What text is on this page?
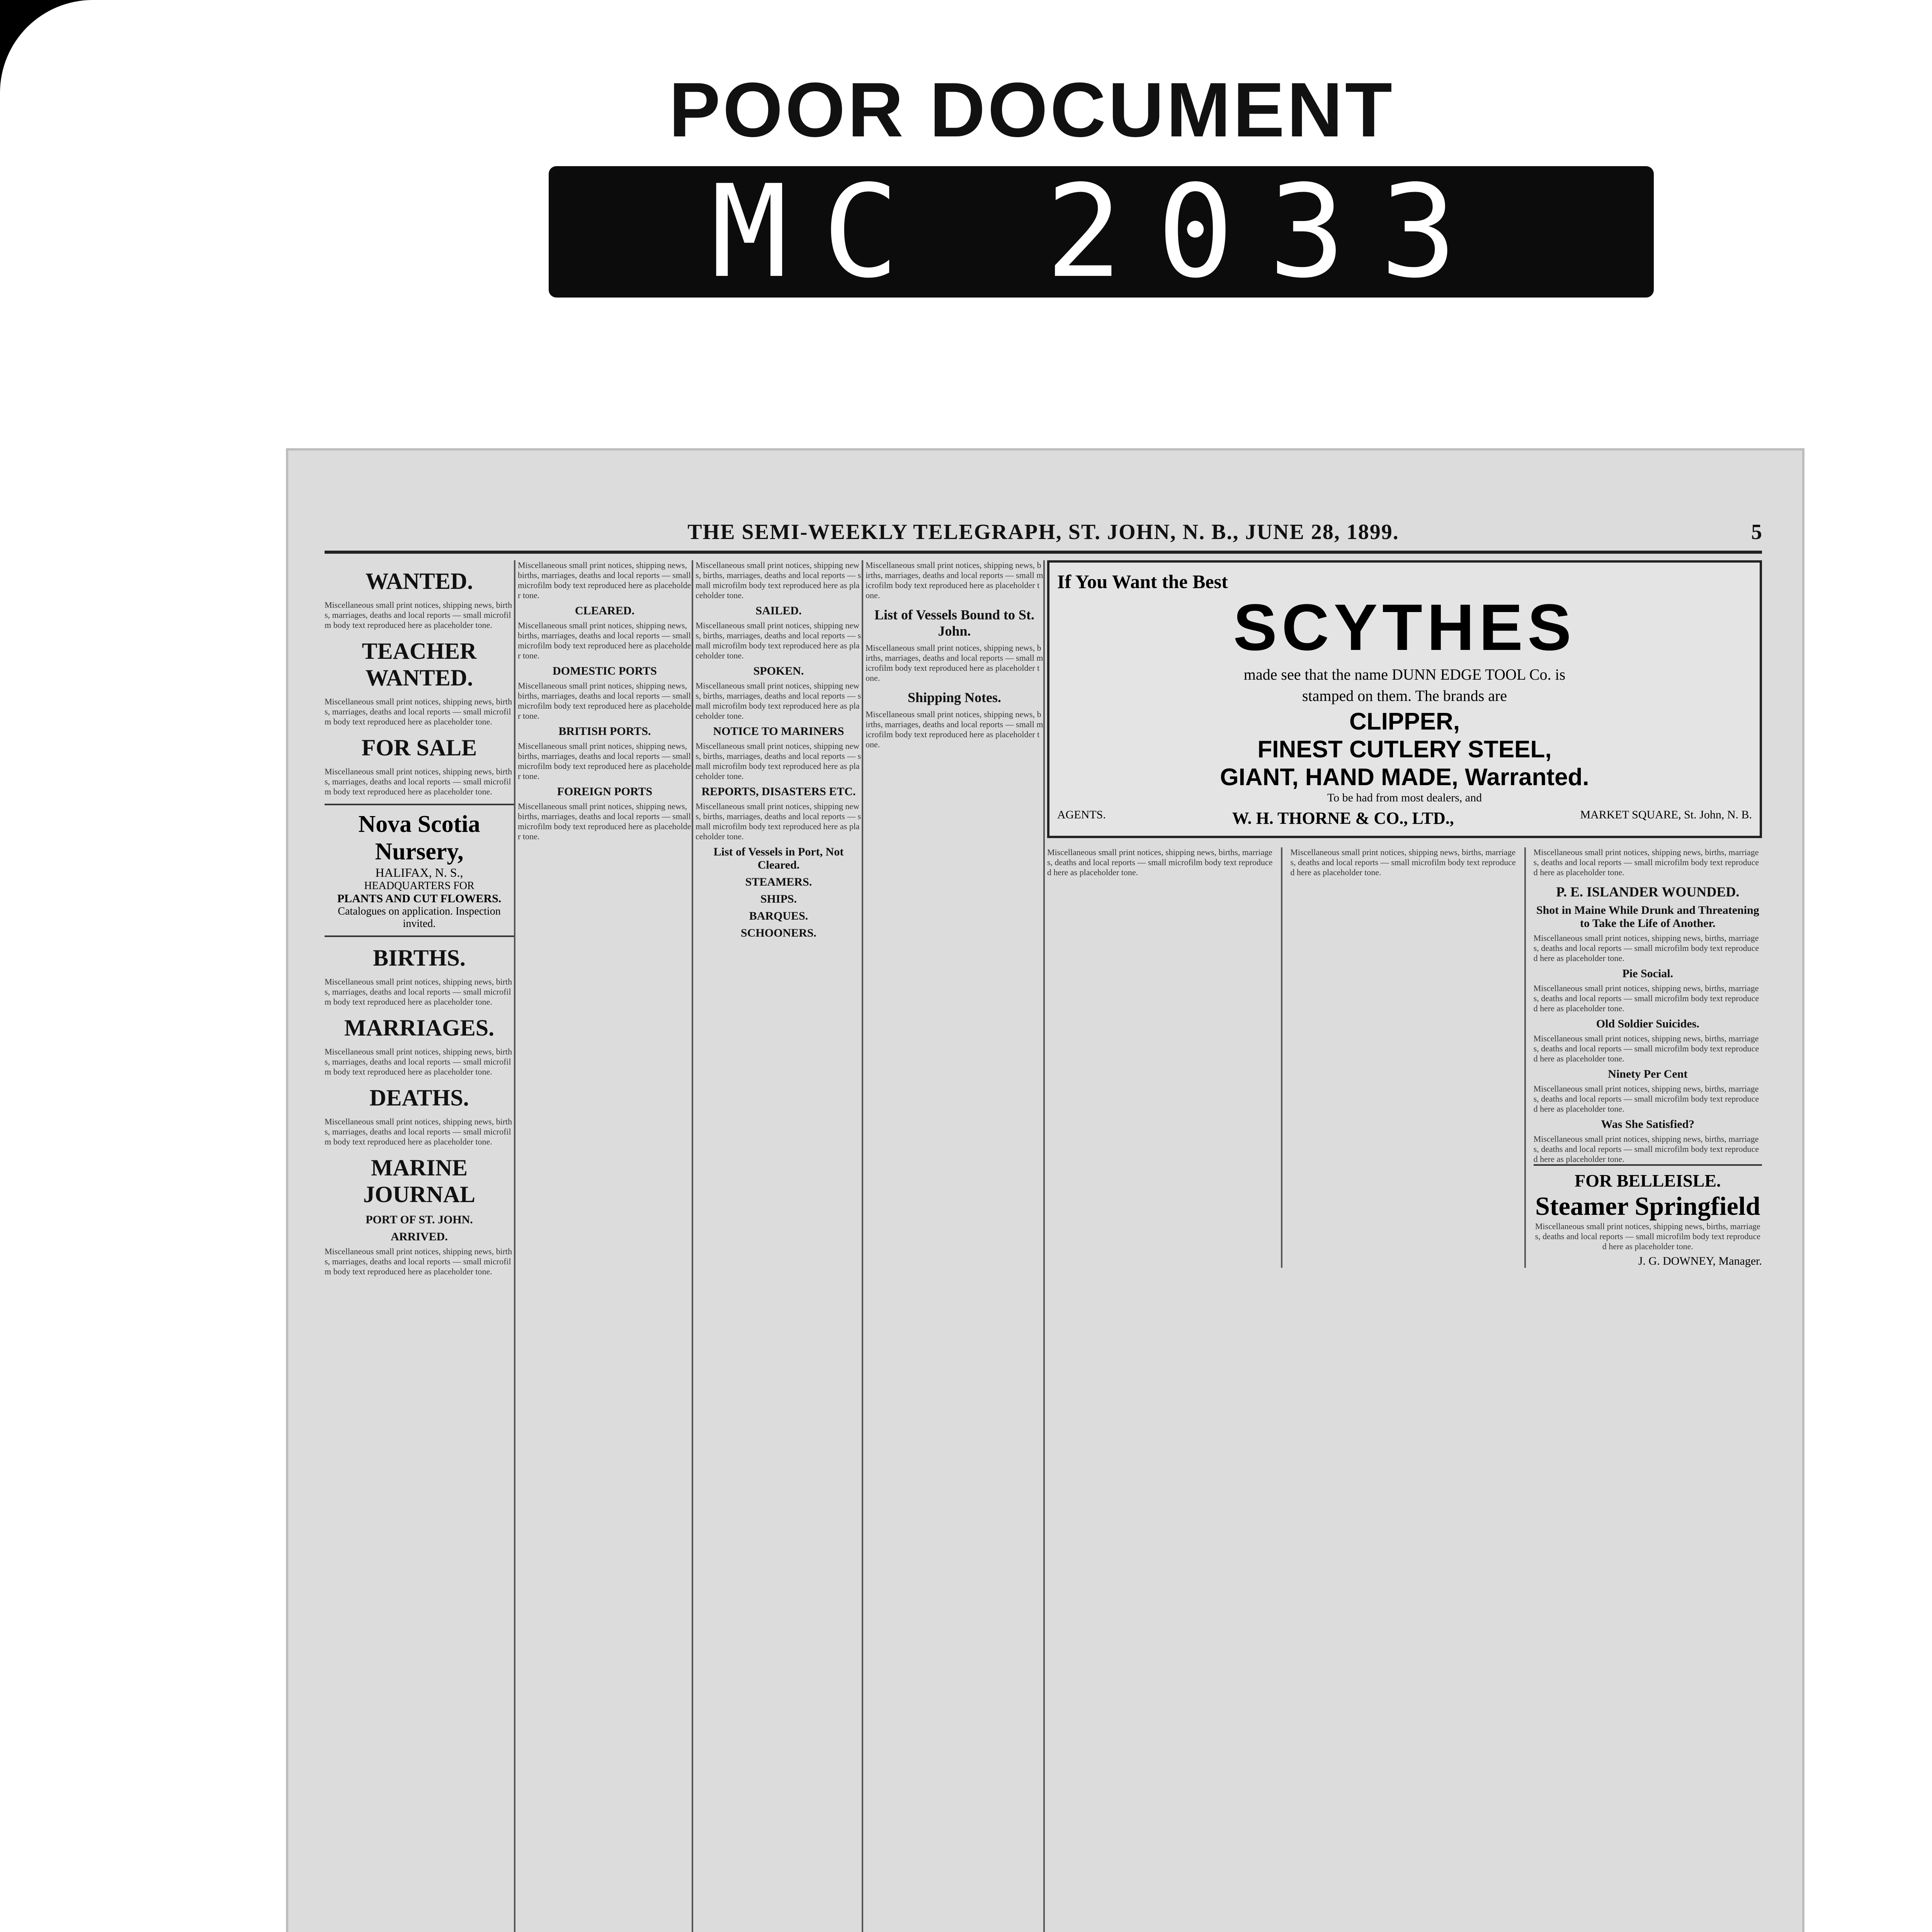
POOR DOCUMENT
MC 2033
THE SEMI-WEEKLY TELEGRAPH, ST. JOHN, N. B., JUNE 28, 1899.	5
WANTED.
Miscellaneous small print notices, shipping news, births, marriages, deaths and local reports — small microfilm body text reproduced here as placeholder tone.
TEACHER WANTED.
Miscellaneous small print notices, shipping news, births, marriages, deaths and local reports — small microfilm body text reproduced here as placeholder tone.
FOR SALE
Miscellaneous small print notices, shipping news, births, marriages, deaths and local reports — small microfilm body text reproduced here as placeholder tone.
Nova Scotia Nursery,
HALIFAX, N. S.,
HEADQUARTERS FOR
PLANTS AND CUT FLOWERS.
Catalogues on application. Inspection invited.
BIRTHS.
Miscellaneous small print notices, shipping news, births, marriages, deaths and local reports — small microfilm body text reproduced here as placeholder tone.
MARRIAGES.
Miscellaneous small print notices, shipping news, births, marriages, deaths and local reports — small microfilm body text reproduced here as placeholder tone.
DEATHS.
Miscellaneous small print notices, shipping news, births, marriages, deaths and local reports — small microfilm body text reproduced here as placeholder tone.
MARINE JOURNAL
PORT OF ST. JOHN.
ARRIVED.
Miscellaneous small print notices, shipping news, births, marriages, deaths and local reports — small microfilm body text reproduced here as placeholder tone.
Miscellaneous small print notices, shipping news, births, marriages, deaths and local reports — small microfilm body text reproduced here as placeholder tone.
CLEARED.
Miscellaneous small print notices, shipping news, births, marriages, deaths and local reports — small microfilm body text reproduced here as placeholder tone.
DOMESTIC PORTS
Miscellaneous small print notices, shipping news, births, marriages, deaths and local reports — small microfilm body text reproduced here as placeholder tone.
BRITISH PORTS.
Miscellaneous small print notices, shipping news, births, marriages, deaths and local reports — small microfilm body text reproduced here as placeholder tone.
FOREIGN PORTS
Miscellaneous small print notices, shipping news, births, marriages, deaths and local reports — small microfilm body text reproduced here as placeholder tone.
Miscellaneous small print notices, shipping news, births, marriages, deaths and local reports — small microfilm body text reproduced here as placeholder tone.
SAILED.
Miscellaneous small print notices, shipping news, births, marriages, deaths and local reports — small microfilm body text reproduced here as placeholder tone.
SPOKEN.
Miscellaneous small print notices, shipping news, births, marriages, deaths and local reports — small microfilm body text reproduced here as placeholder tone.
NOTICE TO MARINERS
Miscellaneous small print notices, shipping news, births, marriages, deaths and local reports — small microfilm body text reproduced here as placeholder tone.
REPORTS, DISASTERS ETC.
Miscellaneous small print notices, shipping news, births, marriages, deaths and local reports — small microfilm body text reproduced here as placeholder tone.
List of Vessels in Port, Not Cleared.
STEAMERS.
SHIPS.
BARQUES.
SCHOONERS.
Miscellaneous small print notices, shipping news, births, marriages, deaths and local reports — small microfilm body text reproduced here as placeholder tone.
List of Vessels Bound to St. John.
Miscellaneous small print notices, shipping news, births, marriages, deaths and local reports — small microfilm body text reproduced here as placeholder tone.
Shipping Notes.
Miscellaneous small print notices, shipping news, births, marriages, deaths and local reports — small microfilm body text reproduced here as placeholder tone.
If You Want the Best
SCYTHES
made see that the name DUNN EDGE TOOL Co. is
stamped on them. The brands are
CLIPPER,
FINEST CUTLERY STEEL,
GIANT, HAND MADE, Warranted.
To be had from most dealers, and
AGENTS.	W. H. THORNE & CO., LTD.,	MARKET SQUARE, St. John, N. B.
Miscellaneous small print notices, shipping news, births, marriages, deaths and local reports — small microfilm body text reproduced here as placeholder tone.
Miscellaneous small print notices, shipping news, births, marriages, deaths and local reports — small microfilm body text reproduced here as placeholder tone.
Miscellaneous small print notices, shipping news, births, marriages, deaths and local reports — small microfilm body text reproduced here as placeholder tone.
P. E. ISLANDER WOUNDED.
Shot in Maine While Drunk and Threatening to Take the Life of Another.
Miscellaneous small print notices, shipping news, births, marriages, deaths and local reports — small microfilm body text reproduced here as placeholder tone.
Pie Social.
Miscellaneous small print notices, shipping news, births, marriages, deaths and local reports — small microfilm body text reproduced here as placeholder tone.
Old Soldier Suicides.
Miscellaneous small print notices, shipping news, births, marriages, deaths and local reports — small microfilm body text reproduced here as placeholder tone.
Ninety Per Cent
Miscellaneous small print notices, shipping news, births, marriages, deaths and local reports — small microfilm body text reproduced here as placeholder tone.
Was She Satisfied?
Miscellaneous small print notices, shipping news, births, marriages, deaths and local reports — small microfilm body text reproduced here as placeholder tone.
FOR BELLEISLE.
Steamer Springfield
Miscellaneous small print notices, shipping news, births, marriages, deaths and local reports — small microfilm body text reproduced here as placeholder tone.
J. G. DOWNEY, Manager.
